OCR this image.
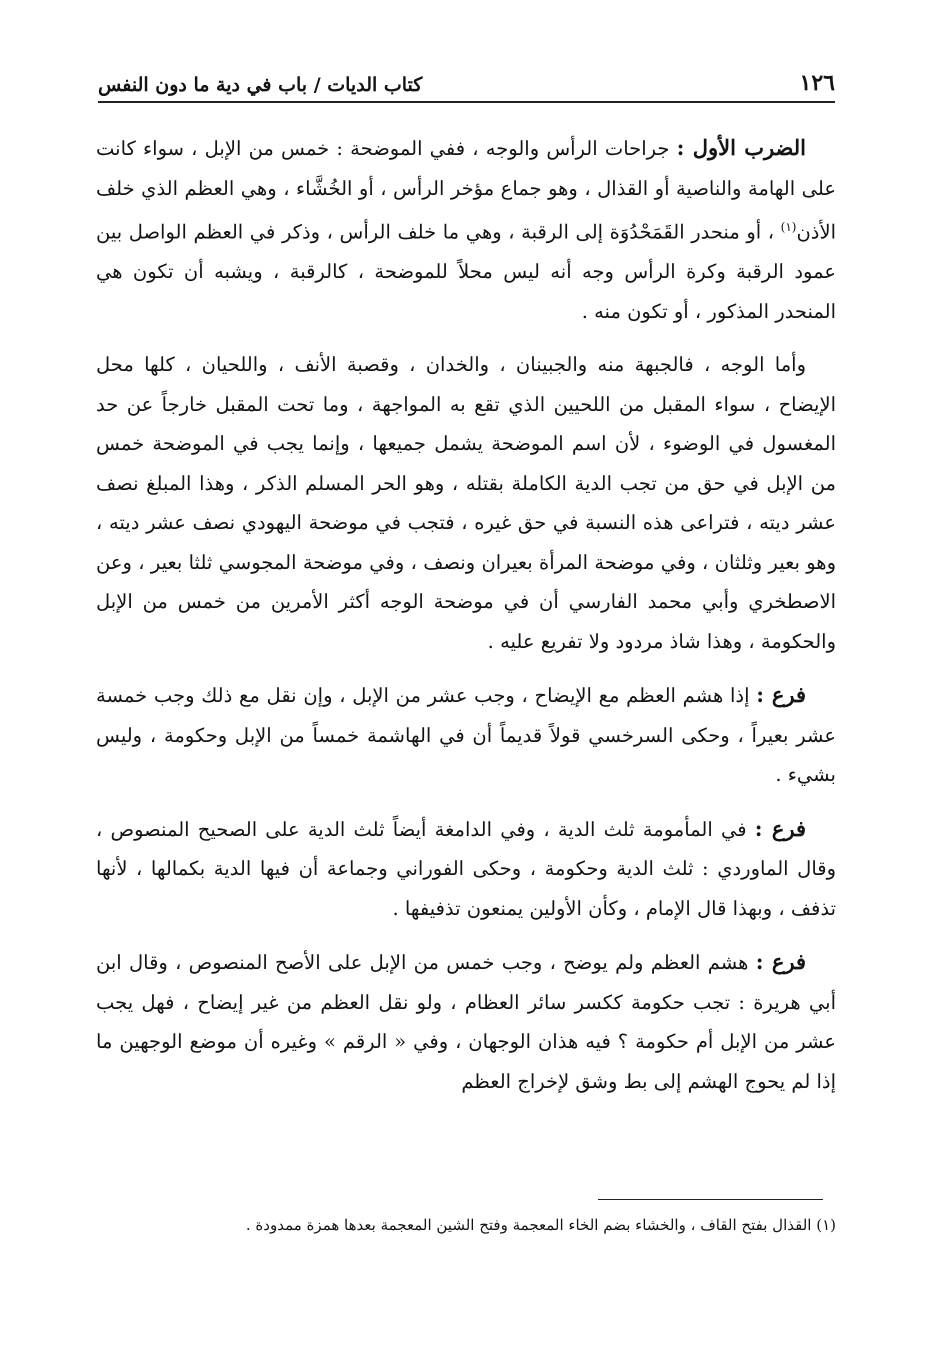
١٢٦
كتاب الديات / باب في دية ما دون النفس

الضرب الأول : جراحات الرأس والوجه ، ففي الموضحة : خمس من الإبل ، سواء كانت على الهامة والناصية أو القذال ، وهو جماع مؤخر الرأس ، أو الخُشَّاء ، وهي العظم الذي خلف الأذن$^{(١)}$ ، أو منحدر القَمَحْدُوَة إلى الرقبة ، وهي ما خلف الرأس ، وذكر في العظم الواصل بين عمود الرقبة وكرة الرأس وجه أنه ليس محلاً للموضحة ، كالرقبة ، ويشبه أن تكون هي المنحدر المذكور ، أو تكون منه .

وأما الوجه ، فالجبهة منه والجبينان ، والخدان ، وقصبة الأنف ، واللحيان ، كلها محل الإيضاح ، سواء المقبل من اللحيين الذي تقع به المواجهة ، وما تحت المقبل خارجاً عن حد المغسول في الوضوء ، لأن اسم الموضحة يشمل جميعها ، وإنما يجب في الموضحة خمس من الإبل في حق من تجب الدية الكاملة بقتله ، وهو الحر المسلم الذكر ، وهذا المبلغ نصف عشر ديته ، فتراعى هذه النسبة في حق غيره ، فتجب في موضحة اليهودي نصف عشر ديته ، وهو بعير وثلثان ، وفي موضحة المرأة بعيران ونصف ، وفي موضحة المجوسي ثلثا بعير ، وعن الاصطخري وأبي محمد الفارسي أن في موضحة الوجه أكثر الأمرين من خمس من الإبل والحكومة ، وهذا شاذ مردود ولا تفريع عليه .

فرع : إذا هشم العظم مع الإيضاح ، وجب عشر من الإبل ، وإن نقل مع ذلك وجب خمسة عشر بعيراً ، وحكى السرخسي قولاً قديماً أن في الهاشمة خمساً من الإبل وحكومة ، وليس بشيء .

فرع : في المأمومة ثلث الدية ، وفي الدامغة أيضاً ثلث الدية على الصحيح المنصوص ، وقال الماوردي : ثلث الدية وحكومة ، وحكى الفوراني وجماعة أن فيها الدية بكمالها ، لأنها تذفف ، وبهذا قال الإمام ، وكأن الأولين يمنعون تذفيفها .

فرع : هشم العظم ولم يوضح ، وجب خمس من الإبل على الأصح المنصوص ، وقال ابن أبي هريرة : تجب حكومة ككسر سائر العظام ، ولو نقل العظم من غير إيضاح ، فهل يجب عشر من الإبل أم حكومة ؟ فيه هذان الوجهان ، وفي « الرقم » وغيره أن موضع الوجهين ما إذا لم يحوج الهشم إلى بط وشق لإخراج العظم

(١) القذال بفتح القاف ، والخشاء بضم الخاء المعجمة وفتح الشين المعجمة بعدها همزة ممدودة .
